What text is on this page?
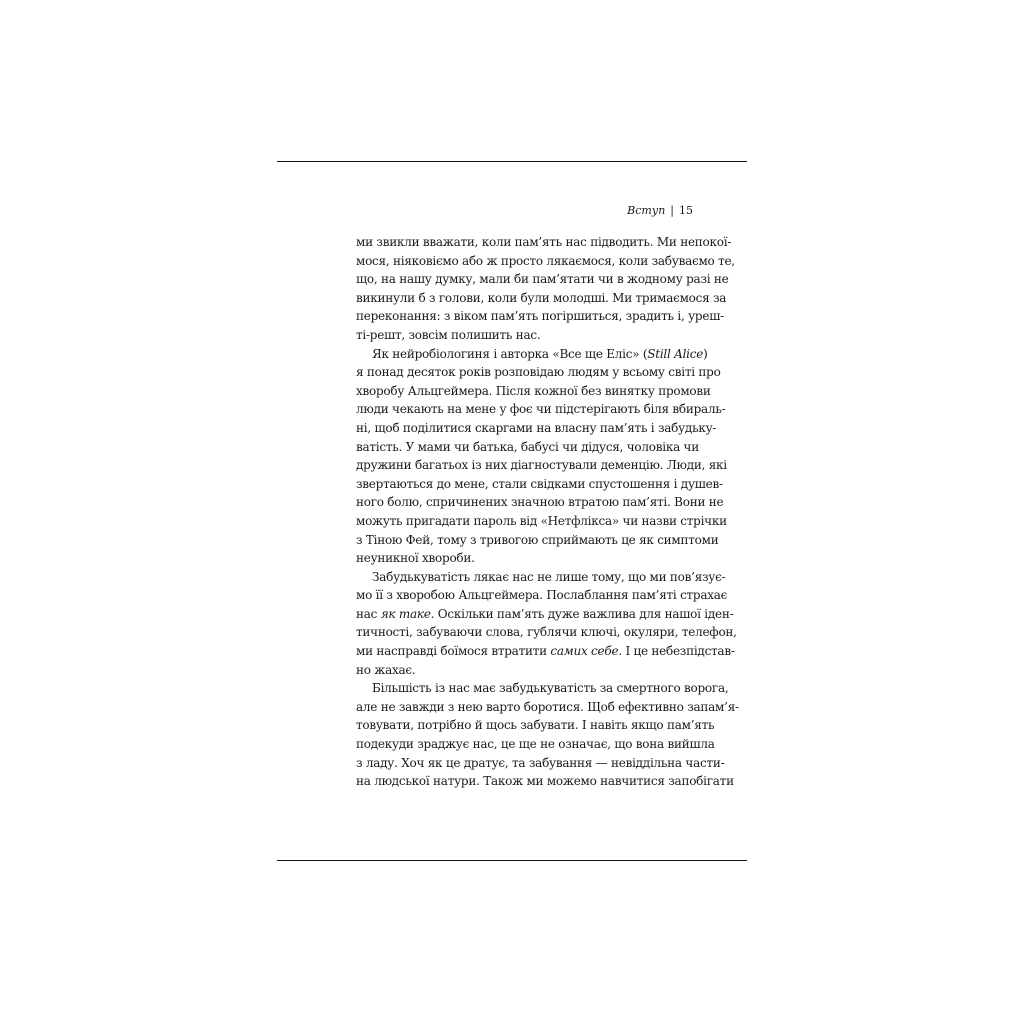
Вступ | 15
ми звикли вважати, коли пам’ять нас підводить. Ми непокої-
мося, ніяковіємо або ж просто лякаємося, коли забуваємо те,
що, на нашу думку, мали би пам’ятати чи в жодному разі не
викинули б з голови, коли були молодші. Ми тримаємося за
переконання: з віком пам’ять погіршиться, зрадить і, уреш-
ті-решт, зовсім полишить нас.
Як нейробіологиня і авторка «Все ще Еліс» (Still Alice)
я понад десяток років розповідаю людям у всьому світі про
хворобу Альцгеймера. Після кожної без винятку промови
люди чекають на мене у фоє чи підстерігають біля вбираль-
ні, щоб поділитися скаргами на власну пам’ять і забудьку-
ватість. У мами чи батька, бабусі чи дідуся, чоловіка чи
дружини багатьох із них діагностували деменцію. Люди, які
звертаються до мене, стали свідками спустошення і душев-
ного болю, спричинених значною втратою пам’яті. Вони не
можуть пригадати пароль від «Нетфлікса» чи назви стрічки
з Тіною Фей, тому з тривогою сприймають це як симптоми
неуникної хвороби.
Забудькуватість лякає нас не лише тому, що ми пов’язує-
мо її з хворобою Альцгеймера. Послаблання пам’яті страхає
нас як таке. Оскільки пам’ять дуже важлива для нашої іден-
тичності, забуваючи слова, гублячи ключі, окуляри, телефон,
ми насправді боїмося втратити самих себе. І це небезпідстав-
но жахає.
Більшість із нас має забудькуватість за смертного ворога,
але не завжди з нею варто боротися. Щоб ефективно запам’я-
товувати, потрібно й щось забувати. І навіть якщо пам’ять
подекуди зраджує нас, це ще не означає, що вона вийшла
з ладу. Хоч як це дратує, та забування — невіддільна части-
на людської натури. Також ми можемо навчитися запобігати
